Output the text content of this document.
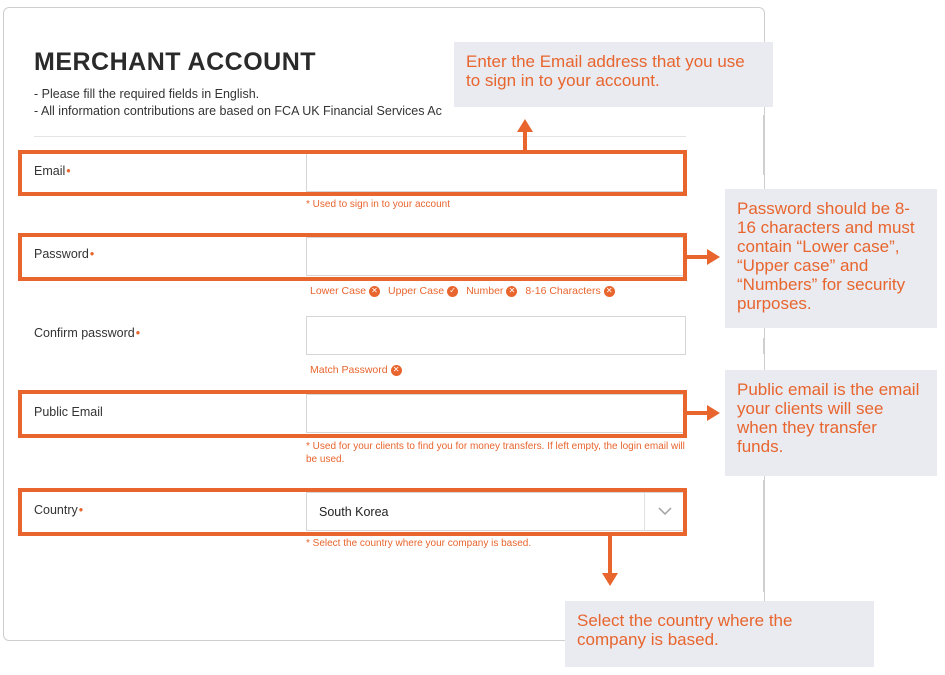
MERCHANT ACCOUNT
- Please fill the required fields in English.
- All information contributions are based on FCA UK Financial Services Ac
Email•
* Used to sign in to your account
Password•
Lower Case ✕ Upper Case ✓ Number ✕ 8-16 Characters ✕
Confirm password•
Match Password ✕
Public Email
* Used for your clients to find you for money transfers. If left empty, the login email will be used.
Country•	South Korea
* Select the country where your company is based.
Enter the Email address that you use to sign in to your account.
Password should be 8-16 characters and must contain “Lower case”, “Upper case” and “Numbers” for security purposes.
Public email is the email your clients will see when they transfer funds.
Select the country where the company is based.
